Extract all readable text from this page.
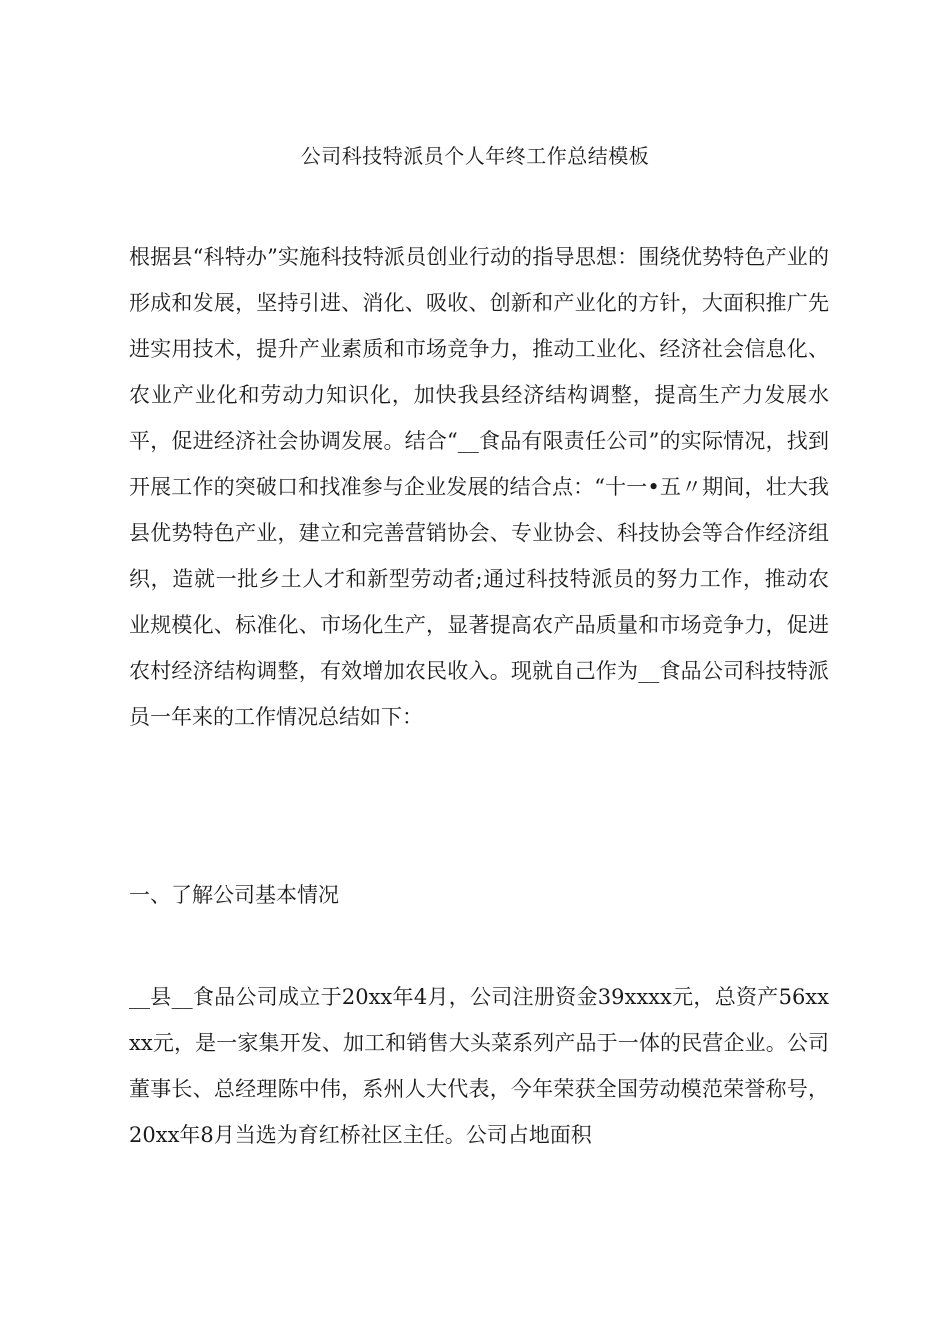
公司科技特派员个人年终工作总结模板

根据县“科特办”实施科技特派员创业行动的指导思想：围绕优势特色产业的形成和发展，坚持引进、消化、吸收、创新和产业化的方针，大面积推广先进实用技术，提升产业素质和市场竞争力，推动工业化、经济社会信息化、农业产业化和劳动力知识化，加快我县经济结构调整，提高生产力发展水平，促进经济社会协调发展。结合“__食品有限责任公司”的实际情况，找到开展工作的突破口和找准参与企业发展的结合点：“十一•五〃期间，壮大我县优势特色产业，建立和完善营销协会、专业协会、科技协会等合作经济组织，造就一批乡土人才和新型劳动者;通过科技特派员的努力工作，推动农业规模化、标准化、市场化生产，显著提高农产品质量和市场竞争力，促进农村经济结构调整，有效增加农民收入。现就自己作为__食品公司科技特派员一年来的工作情况总结如下：

一、了解公司基本情况

__县__食品公司成立于20xx年4月，公司注册资金39xxxx元，总资产56xxxx元，是一家集开发、加工和销售大头菜系列产品于一体的民营企业。公司董事长、总经理陈中伟，系州人大代表，今年荣获全国劳动模范荣誉称号，20xx年8月当选为育红桥社区主任。公司占地面积
